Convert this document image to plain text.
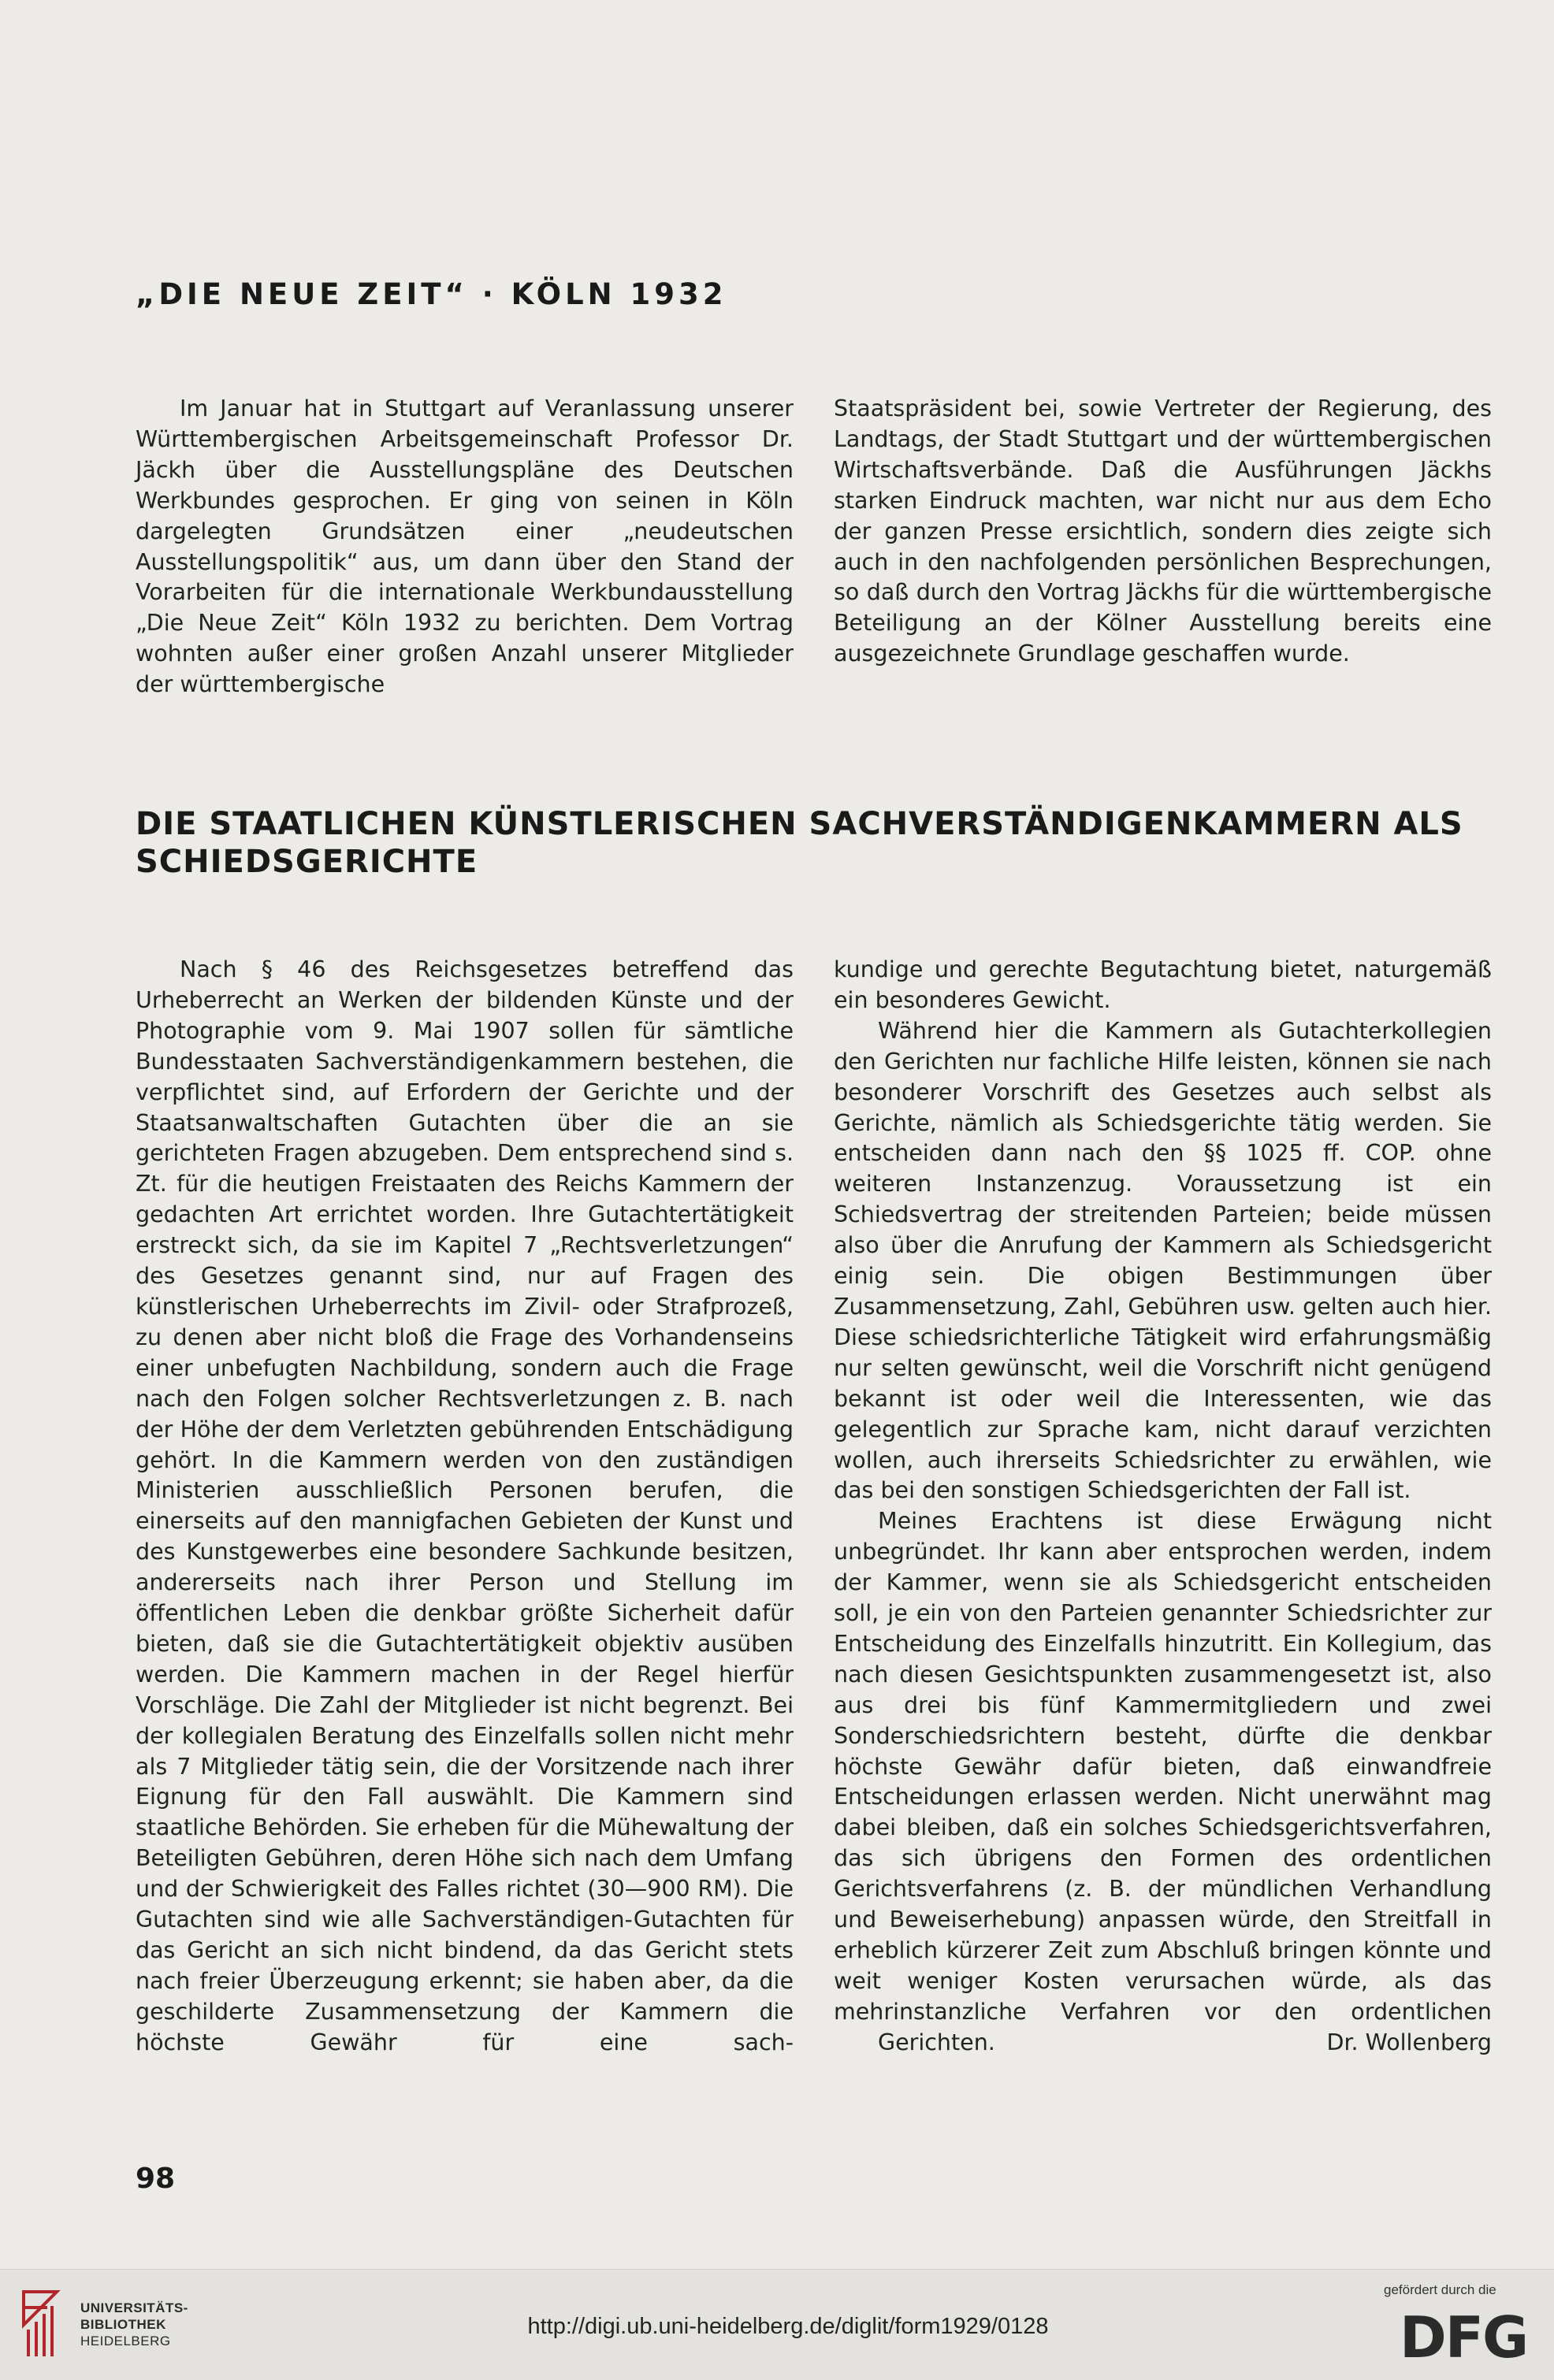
„DIE NEUE ZEIT“ · KÖLN 1932

Im Januar hat in Stuttgart auf Veranlassung unserer Württembergischen Arbeitsgemeinschaft Professor Dr. Jäckh über die Ausstellungspläne des Deutschen Werkbundes gesprochen. Er ging von seinen in Köln dargelegten Grundsätzen einer „neudeutschen Ausstellungspolitik“ aus, um dann über den Stand der Vorarbeiten für die internationale Werkbundausstellung „Die Neue Zeit“ Köln 1932 zu berichten. Dem Vortrag wohnten außer einer großen Anzahl unserer Mitglieder der württembergische

Staatspräsident bei, sowie Vertreter der Regierung, des Landtags, der Stadt Stuttgart und der württembergischen Wirtschaftsverbände. Daß die Ausführungen Jäckhs starken Eindruck machten, war nicht nur aus dem Echo der ganzen Presse ersichtlich, sondern dies zeigte sich auch in den nachfolgenden persönlichen Besprechungen, so daß durch den Vortrag Jäckhs für die württembergische Beteiligung an der Kölner Ausstellung bereits eine ausgezeichnete Grundlage geschaffen wurde.

DIE STAATLICHEN KÜNSTLERISCHEN SACHVERSTÄNDIGENKAMMERN ALS SCHIEDSGERICHTE

Nach § 46 des Reichsgesetzes betreffend das Urheberrecht an Werken der bildenden Künste und der Photographie vom 9. Mai 1907 sollen für sämtliche Bundesstaaten Sachverständigenkammern bestehen, die verpflichtet sind, auf Erfordern der Gerichte und der Staatsanwaltschaften Gutachten über die an sie gerichteten Fragen abzugeben. Dem entsprechend sind s. Zt. für die heutigen Freistaaten des Reichs Kammern der gedachten Art errichtet worden. Ihre Gutachtertätigkeit erstreckt sich, da sie im Kapitel 7 „Rechtsverletzungen“ des Gesetzes genannt sind, nur auf Fragen des künstlerischen Urheberrechts im Zivil- oder Strafprozeß, zu denen aber nicht bloß die Frage des Vorhandenseins einer unbefugten Nachbildung, sondern auch die Frage nach den Folgen solcher Rechtsverletzungen z. B. nach der Höhe der dem Verletzten gebührenden Entschädigung gehört. In die Kammern werden von den zuständigen Ministerien ausschließlich Personen berufen, die einerseits auf den mannigfachen Gebieten der Kunst und des Kunstgewerbes eine besondere Sachkunde besitzen, andererseits nach ihrer Person und Stellung im öffentlichen Leben die denkbar größte Sicherheit dafür bieten, daß sie die Gutachtertätigkeit objektiv ausüben werden. Die Kammern machen in der Regel hierfür Vorschläge. Die Zahl der Mitglieder ist nicht begrenzt. Bei der kollegialen Beratung des Einzelfalls sollen nicht mehr als 7 Mitglieder tätig sein, die der Vorsitzende nach ihrer Eignung für den Fall auswählt. Die Kammern sind staatliche Behörden. Sie erheben für die Mühewaltung der Beteiligten Gebühren, deren Höhe sich nach dem Umfang und der Schwierigkeit des Falles richtet (30—900 RM). Die Gutachten sind wie alle Sachverständigen-Gutachten für das Gericht an sich nicht bindend, da das Gericht stets nach freier Überzeugung erkennt; sie haben aber, da die geschilderte Zusammensetzung der Kammern die höchste Gewähr für eine sach-

kundige und gerechte Begutachtung bietet, naturgemäß ein besonderes Gewicht.

Während hier die Kammern als Gutachterkollegien den Gerichten nur fachliche Hilfe leisten, können sie nach besonderer Vorschrift des Gesetzes auch selbst als Gerichte, nämlich als Schiedsgerichte tätig werden. Sie entscheiden dann nach den §§ 1025 ff. COP. ohne weiteren Instanzenzug. Voraussetzung ist ein Schiedsvertrag der streitenden Parteien; beide müssen also über die Anrufung der Kammern als Schiedsgericht einig sein. Die obigen Bestimmungen über Zusammensetzung, Zahl, Gebühren usw. gelten auch hier. Diese schiedsrichterliche Tätigkeit wird erfahrungsmäßig nur selten gewünscht, weil die Vorschrift nicht genügend bekannt ist oder weil die Interessenten, wie das gelegentlich zur Sprache kam, nicht darauf verzichten wollen, auch ihrerseits Schiedsrichter zu erwählen, wie das bei den sonstigen Schiedsgerichten der Fall ist.

Meines Erachtens ist diese Erwägung nicht unbegründet. Ihr kann aber entsprochen werden, indem der Kammer, wenn sie als Schiedsgericht entscheiden soll, je ein von den Parteien genannter Schiedsrichter zur Entscheidung des Einzelfalls hinzutritt. Ein Kollegium, das nach diesen Gesichtspunkten zusammengesetzt ist, also aus drei bis fünf Kammermitgliedern und zwei Sonderschiedsrichtern besteht, dürfte die denkbar höchste Gewähr dafür bieten, daß einwandfreie Entscheidungen erlassen werden. Nicht unerwähnt mag dabei bleiben, daß ein solches Schiedsgerichtsverfahren, das sich übrigens den Formen des ordentlichen Gerichtsverfahrens (z. B. der mündlichen Verhandlung und Beweiserhebung) anpassen würde, den Streitfall in erheblich kürzerer Zeit zum Abschluß bringen könnte und weit weniger Kosten verursachen würde, als das mehrinstanzliche Verfahren vor den ordentlichen

Gerichten.	Dr. Wollenberg

98

UNIVERSITÄTS-
BIBLIOTHEK
HEIDELBERG

http://digi.ub.uni-heidelberg.de/diglit/form1929/0128

gefördert durch die

DFG
